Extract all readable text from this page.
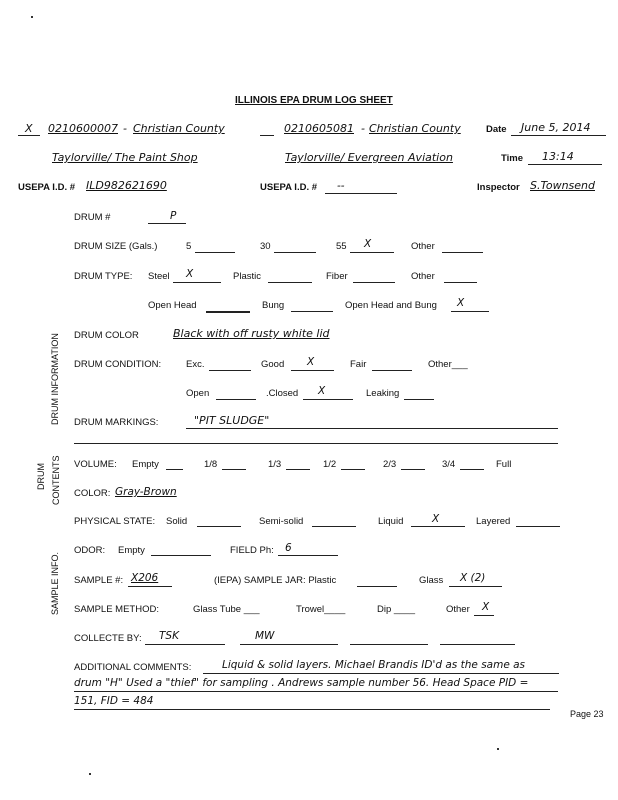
ILLINOIS EPA DRUM LOG SHEET
X 0210600007 - Christian County
Taylorville/ The Paint Shop
0210605081 - Christian County
Taylorville/ Evergreen Aviation
Date June 5, 2014
Time 13:14
USEPA I.D. # ILD982621690	USEPA I.D. # --	Inspector S.Townsend
DRUM #	P
DRUM SIZE (Gals.)	5	30	55 X	Other
DRUM TYPE: Steel X	Plastic	Fiber	Other
Open Head	Bung	Open Head and Bung X
DRUM INFORMATION
DRUM CONTENTS
SAMPLE INFO.
DRUM COLOR	Black with off rusty white lid
DRUM CONDITION:	Exc.	Good X	Fair	Other___
Open	.Closed X	Leaking
DRUM MARKINGS:	"PIT SLUDGE"
VOLUME: Empty	1/8	1/3	1/2	2/3	3/4	Full
COLOR: Gray-Brown
PHYSICAL STATE: Solid	Semi-solid	Liquid	X	Layered
ODOR: Empty	FIELD Ph: 6
SAMPLE #: X206	(IEPA) SAMPLE JAR: Plastic	Glass X (2)
SAMPLE METHOD:	Glass Tube ___	Trowel____	Dip ____	Other X
COLLECTE BY: TSK	MW
ADDITIONAL COMMENTS:	Liquid & solid layers. Michael Brandis ID'd as the same as
drum "H" Used a "thief" for sampling . Andrews sample number 56. Head Space PID =
151, FID = 484
Page 23
